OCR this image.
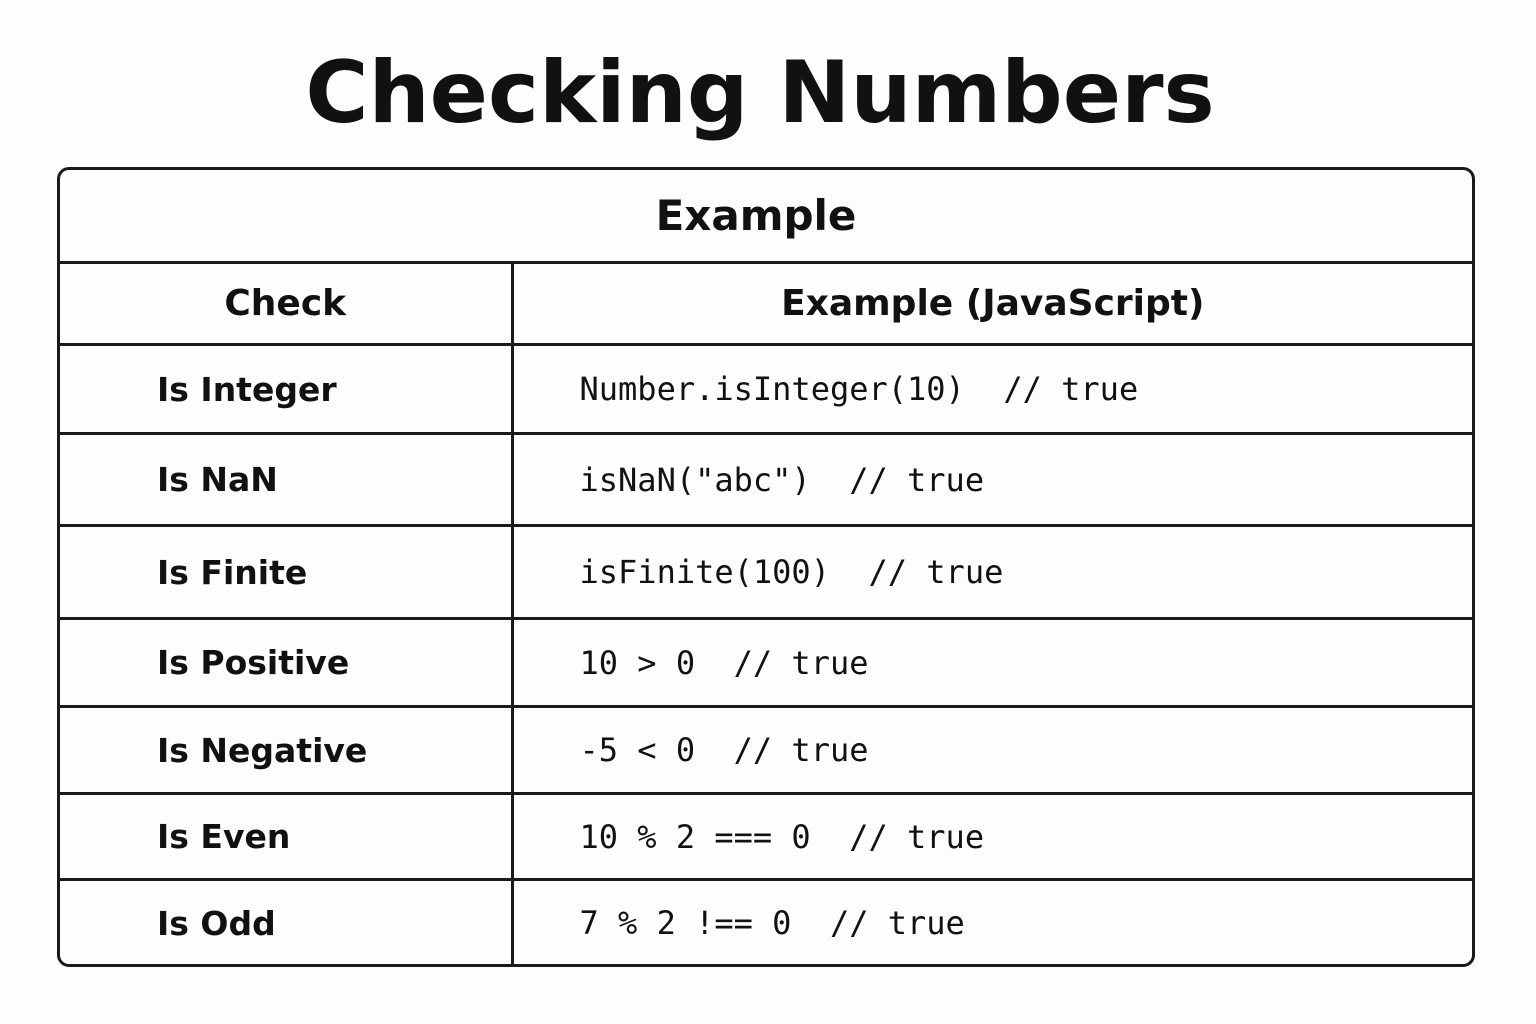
Checking Numbers
Example
Check	Example (JavaScript)
Is Integer	Number.isInteger(10)  // true
Is NaN	isNaN("abc")  // true
Is Finite	isFinite(100)  // true
Is Positive	10 > 0  // true
Is Negative	-5 < 0  // true
Is Even	10 % 2 === 0  // true
Is Odd	7 % 2 !== 0  // true
